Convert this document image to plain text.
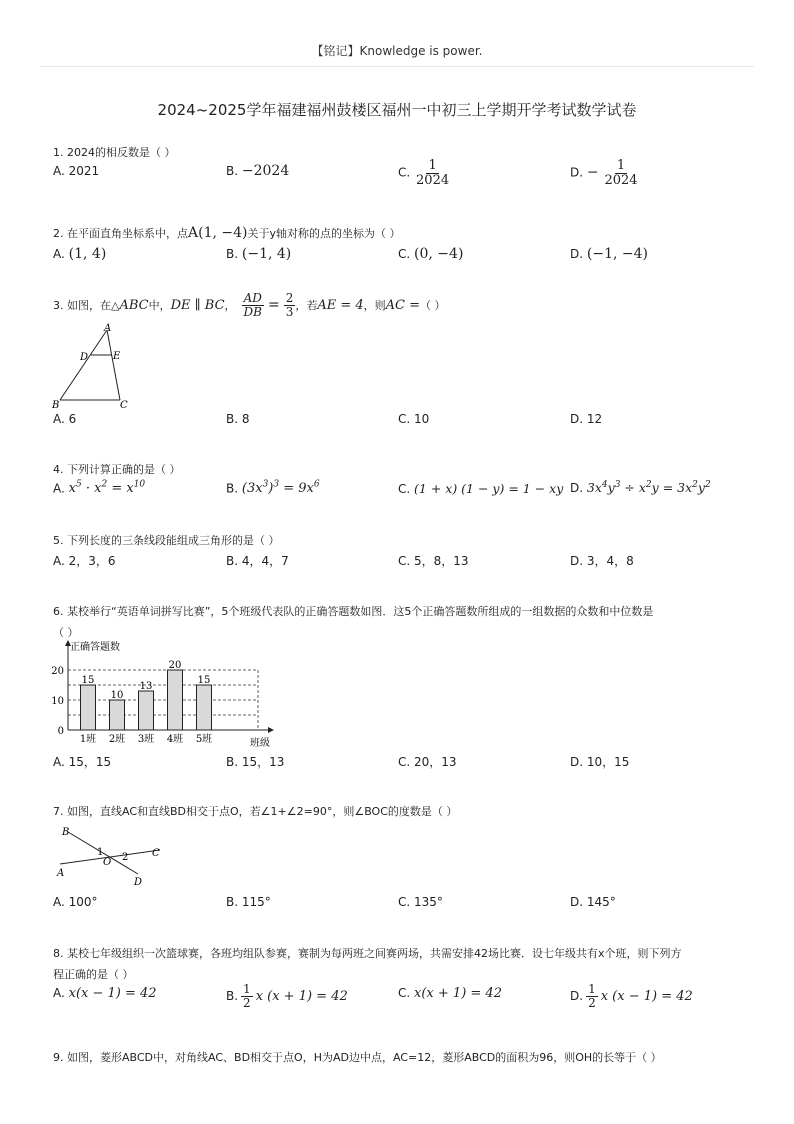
【铭记】Knowledge is power.
2024~2025学年福建福州鼓楼区福州一中初三上学期开学考试数学试卷
1. 2024的相反数是（ ）
A. 2021	B. −2024	C. $\frac{1}{2024}$	D. − $\frac{1}{2024}$
2. 在平面直角坐标系中，点A(1, −4)关于y轴对称的点的坐标为（ ）
A. (1, 4)	B. (−1, 4)	C. (0, −4)	D. (−1, −4)
3. 如图，在△ ABC 中， DE ∥ BC ， $\frac{AD}{DB} = \frac{2}{3}$ ，若 AE = 4 ，则 AC = （ ）
A
D E
B	C
A. 6	B. 8	C. 10	D. 12
4. 下列计算正确的是（ ）
A. $x^5 \cdot x^2 = x^{10}$	B. $(3x^3)^3 = 9x^6$	C. (1 + x) (1 − y) = 1 − xy D. $3x^4y^3 \div x^2y = 3x^2y^2$
5. 下列长度的三条线段能组成三角形的是（ ）
A. 2，3，6	B. 4，4，7	C. 5，8，13	D. 3，4，8
6. 某校举行“英语单词拼写比赛”，5个班级代表队的正确答题数如图．这5个正确答题数所组成的一组数据的众数和中位数是
（ ）
正确答题数
班级
0
10
20
15
1班
10
2班
13
3班
20
4班
15
5班
A. 15，15	B. 15，13	C. 20，13	D. 10，15
7. 如图，直线AC和直线BD相交于点O，若∠1+∠2=90°，则∠BOC的度数是（ ）
B
1
O 2 C
A
D
A. 100°	B. 115°	C. 135°	D. 145°
8. 某校七年级组织一次篮球赛，各班均组队参赛，赛制为每两班之间赛两场，共需安排42场比赛．设七年级共有x个班，则下列方
程正确的是（ ）
A. x(x − 1) = 42	B. $\frac{1}{2}$ x (x + 1) = 42	C. x(x + 1) = 42	D. $\frac{1}{2}$ x (x − 1) = 42
9. 如图，菱形ABCD中，对角线AC、BD相交于点O，H为AD边中点，AC=12，菱形ABCD的面积为96，则OH的长等于（ ）
